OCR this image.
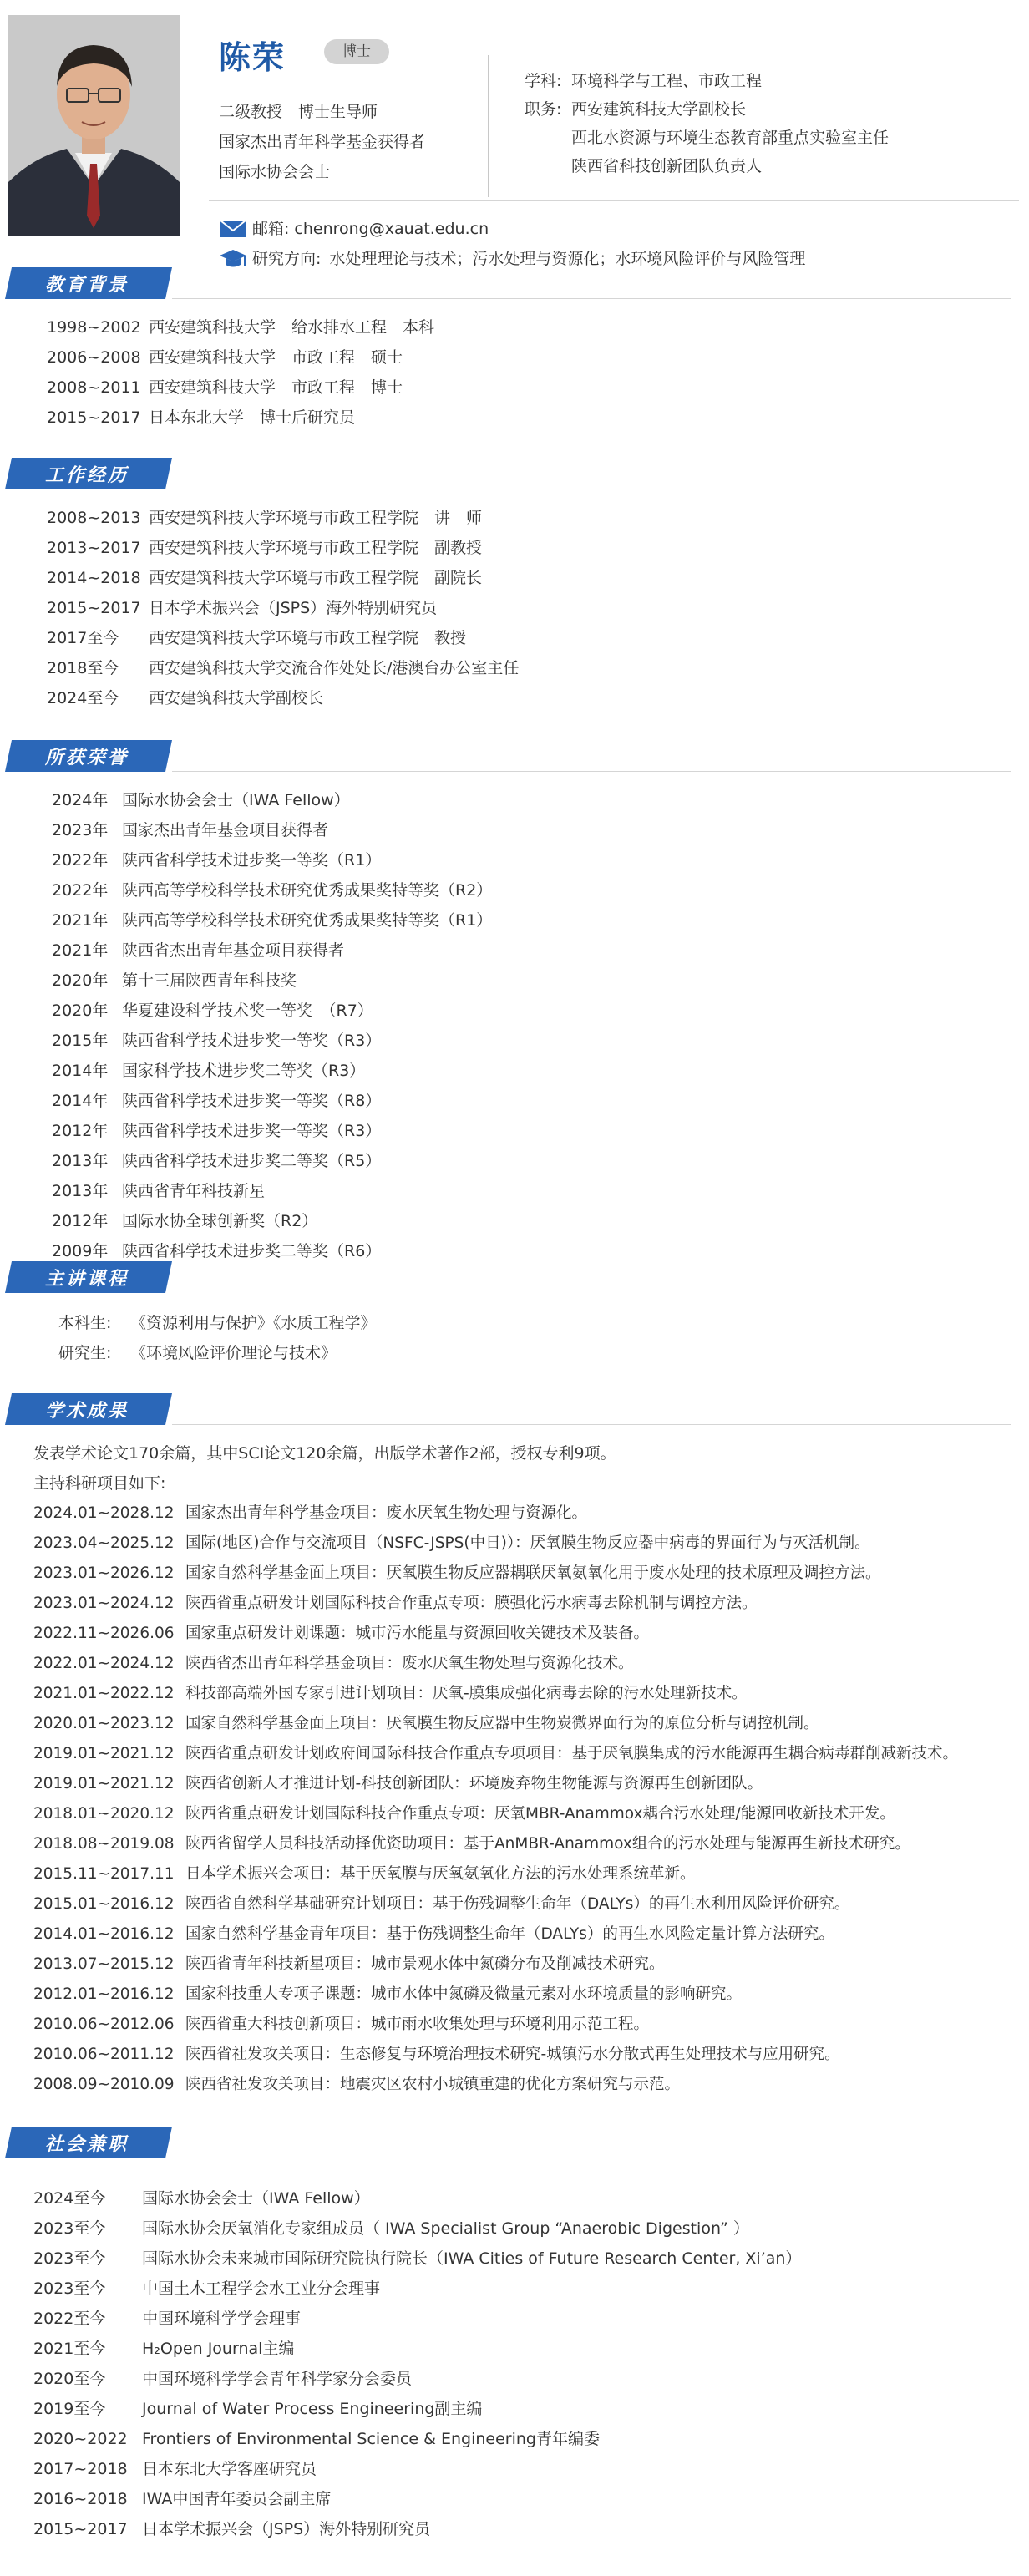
陈荣	博士
二级教授　博士生导师
国家杰出青年科学基金获得者
国际水协会会士
学科: 环境科学与工程、市政工程
职务: 西安建筑科技大学副校长
西北水资源与环境生态教育部重点实验室主任
陕西省科技创新团队负责人
邮箱: chenrong@xauat.edu.cn
研究方向: 水处理理论与技术；污水处理与资源化；水环境风险评价与风险管理
教育背景
1998~2002 西安建筑科技大学　给水排水工程　本科
2006~2008 西安建筑科技大学　市政工程　硕士
2008~2011 西安建筑科技大学　市政工程　博士
2015~2017 日本东北大学　博士后研究员
工作经历
2008~2013 西安建筑科技大学环境与市政工程学院　讲　师
2013~2017 西安建筑科技大学环境与市政工程学院　副教授
2014~2018 西安建筑科技大学环境与市政工程学院　副院长
2015~2017 日本学术振兴会（JSPS）海外特别研究员
2017至今	西安建筑科技大学环境与市政工程学院　教授
2018至今	西安建筑科技大学交流合作处处长/港澳台办公室主任
2024至今	西安建筑科技大学副校长
所获荣誉
2024年 国际水协会会士（IWA Fellow）
2023年 国家杰出青年基金项目获得者
2022年 陕西省科学技术进步奖一等奖（R1）
2022年 陕西高等学校科学技术研究优秀成果奖特等奖（R2）
2021年 陕西高等学校科学技术研究优秀成果奖特等奖（R1）
2021年 陕西省杰出青年基金项目获得者
2020年 第十三届陕西青年科技奖
2020年 华夏建设科学技术奖一等奖　（R7）
2015年 陕西省科学技术进步奖一等奖（R3）
2014年 国家科学技术进步奖二等奖（R3）
2014年 陕西省科学技术进步奖一等奖（R8）
2012年 陕西省科学技术进步奖一等奖（R3）
2013年 陕西省科学技术进步奖二等奖（R5）
2013年 陕西省青年科技新星
2012年 国际水协全球创新奖（R2）
2009年 陕西省科学技术进步奖二等奖（R6）
主讲课程
本科生:	《资源利用与保护》《水质工程学》
研究生:	《环境风险评价理论与技术》
学术成果
发表学术论文170余篇，其中SCI论文120余篇，出版学术著作2部，授权专利9项。
主持科研项目如下:
2024.01~2028.12 国家杰出青年科学基金项目：废水厌氧生物处理与资源化。
2023.04~2025.12 国际(地区)合作与交流项目（NSFC-JSPS(中日)）：厌氧膜生物反应器中病毒的界面行为与灭活机制。
2023.01~2026.12 国家自然科学基金面上项目：厌氧膜生物反应器耦联厌氧氨氧化用于废水处理的技术原理及调控方法。
2023.01~2024.12 陕西省重点研发计划国际科技合作重点专项：膜强化污水病毒去除机制与调控方法。
2022.11~2026.06 国家重点研发计划课题：城市污水能量与资源回收关键技术及装备。
2022.01~2024.12 陕西省杰出青年科学基金项目：废水厌氧生物处理与资源化技术。
2021.01~2022.12 科技部高端外国专家引进计划项目：厌氧-膜集成强化病毒去除的污水处理新技术。
2020.01~2023.12 国家自然科学基金面上项目：厌氧膜生物反应器中生物炭微界面行为的原位分析与调控机制。
2019.01~2021.12 陕西省重点研发计划政府间国际科技合作重点专项项目：基于厌氧膜集成的污水能源再生耦合病毒群削减新技术。
2019.01~2021.12 陕西省创新人才推进计划-科技创新团队：环境废弃物生物能源与资源再生创新团队。
2018.01~2020.12 陕西省重点研发计划国际科技合作重点专项：厌氧MBR-Anammox耦合污水处理/能源回收新技术开发。
2018.08~2019.08 陕西省留学人员科技活动择优资助项目：基于AnMBR-Anammox组合的污水处理与能源再生新技术研究。
2015.11~2017.11 日本学术振兴会项目：基于厌氧膜与厌氧氨氧化方法的污水处理系统革新。
2015.01~2016.12 陕西省自然科学基础研究计划项目：基于伤残调整生命年（DALYs）的再生水利用风险评价研究。
2014.01~2016.12 国家自然科学基金青年项目：基于伤残调整生命年（DALYs）的再生水风险定量计算方法研究。
2013.07~2015.12 陕西省青年科技新星项目：城市景观水体中氮磷分布及削减技术研究。
2012.01~2016.12 国家科技重大专项子课题：城市水体中氮磷及微量元素对水环境质量的影响研究。
2010.06~2012.06 陕西省重大科技创新项目：城市雨水收集处理与环境利用示范工程。
2010.06~2011.12 陕西省社发攻关项目：生态修复与环境治理技术研究-城镇污水分散式再生处理技术与应用研究。
2008.09~2010.09 陕西省社发攻关项目：地震灾区农村小城镇重建的优化方案研究与示范。
社会兼职
2024至今	国际水协会会士（IWA Fellow）
2023至今	国际水协会厌氧消化专家组成员（ IWA Specialist Group “Anaerobic Digestion” ）
2023至今	国际水协会未来城市国际研究院执行院长（IWA Cities of Future Research Center, Xi’an）
2023至今	中国土木工程学会水工业分会理事
2022至今	中国环境科学学会理事
2021至今	H₂Open Journal主编
2020至今	中国环境科学学会青年科学家分会委员
2019至今	Journal of Water Process Engineering副主编
2020~2022 Frontiers of Environmental Science & Engineering青年编委
2017~2018 日本东北大学客座研究员
2016~2018 IWA中国青年委员会副主席
2015~2017 日本学术振兴会（JSPS）海外特别研究员
